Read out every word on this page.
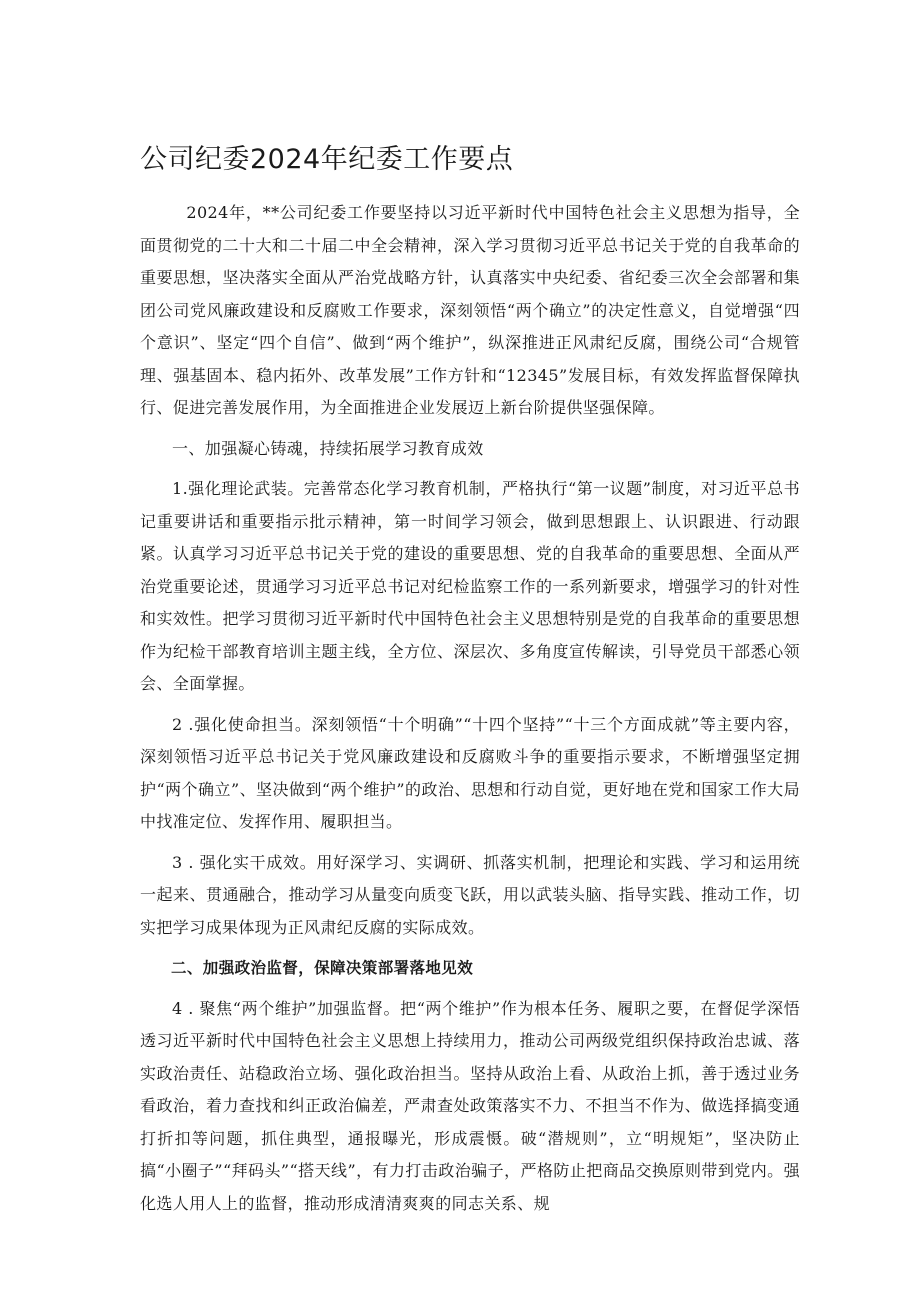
公司纪委2024年纪委工作要点

2024年，**公司纪委工作要坚持以习近平新时代中国特色社会主义思想为指导，全面贯彻党的二十大和二十届二中全会精神，深入学习贯彻习近平总书记关于党的自我革命的重要思想，坚决落实全面从严治党战略方针，认真落实中央纪委、省纪委三次全会部署和集团公司党风廉政建设和反腐败工作要求，深刻领悟“两个确立”的决定性意义，自觉增强“四个意识”、坚定“四个自信”、做到“两个维护”，纵深推进正风肃纪反腐，围绕公司“合规管理、强基固本、稳内拓外、改革发展”工作方针和“12345”发展目标，有效发挥监督保障执行、促进完善发展作用，为全面推进企业发展迈上新台阶提供坚强保障。

一、加强凝心铸魂，持续拓展学习教育成效

1.强化理论武装。完善常态化学习教育机制，严格执行“第一议题”制度，对习近平总书记重要讲话和重要指示批示精神，第一时间学习领会，做到思想跟上、认识跟进、行动跟紧。认真学习习近平总书记关于党的建设的重要思想、党的自我革命的重要思想、全面从严治党重要论述，贯通学习习近平总书记对纪检监察工作的一系列新要求，增强学习的针对性和实效性。把学习贯彻习近平新时代中国特色社会主义思想特别是党的自我革命的重要思想作为纪检干部教育培训主题主线，全方位、深层次、多角度宣传解读，引导党员干部悉心领会、全面掌握。

2 .强化使命担当。深刻领悟“十个明确”“十四个坚持”“十三个方面成就”等主要内容，深刻领悟习近平总书记关于党风廉政建设和反腐败斗争的重要指示要求，不断增强坚定拥护“两个确立”、坚决做到“两个维护”的政治、思想和行动自觉，更好地在党和国家工作大局中找准定位、发挥作用、履职担当。

3 . 强化实干成效。用好深学习、实调研、抓落实机制，把理论和实践、学习和运用统一起来、贯通融合，推动学习从量变向质变飞跃，用以武装头脑、指导实践、推动工作，切实把学习成果体现为正风肃纪反腐的实际成效。

二、加强政治监督，保障决策部署落地见效

4 . 聚焦“两个维护”加强监督。把“两个维护”作为根本任务、履职之要，在督促学深悟透习近平新时代中国特色社会主义思想上持续用力，推动公司两级党组织保持政治忠诚、落实政治责任、站稳政治立场、强化政治担当。坚持从政治上看、从政治上抓，善于透过业务看政治，着力查找和纠正政治偏差，严肃查处政策落实不力、不担当不作为、做选择搞变通打折扣等问题，抓住典型，通报曝光，形成震慑。破“潜规则”，立“明规矩”，坚决防止搞“小圈子”“拜码头”“搭天线”，有力打击政治骗子，严格防止把商品交换原则带到党内。强化选人用人上的监督，推动形成清清爽爽的同志关系、规
